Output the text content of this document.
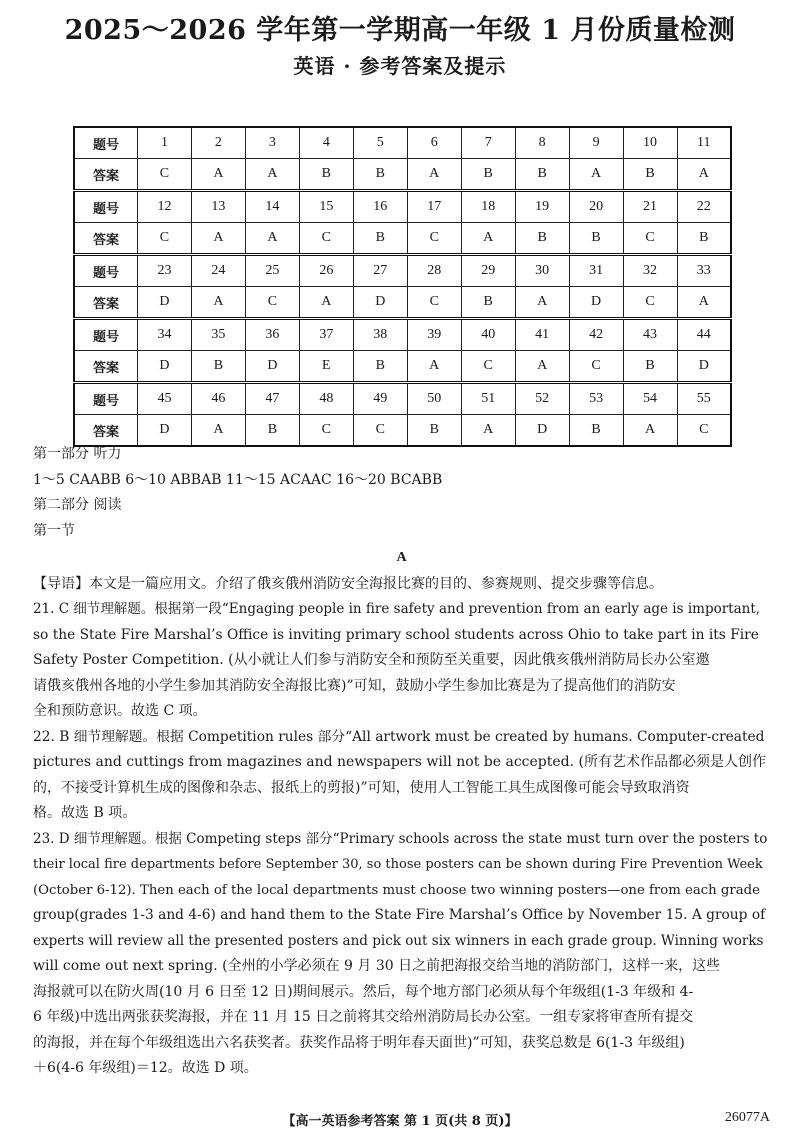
2025～2026 学年第一学期高一年级 1 月份质量检测
英语 · 参考答案及提示
题号	1	2	3	4	5	6	7	8	9	10	11
答案	C	A	A	B	B	A	B	B	A	B	A
题号	12	13	14	15	16	17	18	19	20	21	22
答案	C	A	A	C	B	C	A	B	B	C	B
题号	23	24	25	26	27	28	29	30	31	32	33
答案	D	A	C	A	D	C	B	A	D	C	A
题号	34	35	36	37	38	39	40	41	42	43	44
答案	D	B	D	E	B	A	C	A	C	B	D
题号	45	46	47	48	49	50	51	52	53	54	55
答案	D	A	B	C	C	B	A	D	B	A	C
第一部分 听力
1～5 CAABB 6～10 ABBAB 11～15 ACAAC 16～20 BCABB
第二部分 阅读
第一节
A
【导语】本文是一篇应用文。介绍了俄亥俄州消防安全海报比赛的目的、参赛规则、提交步骤等信息。
21. C 细节理解题。根据第一段“Engaging people in fire safety and prevention from an early age is important,
so the State Fire Marshal’s Office is inviting primary school students across Ohio to take part in its Fire
Safety Poster Competition. (从小就让人们参与消防安全和预防至关重要，因此俄亥俄州消防局长办公室邀
请俄亥俄州各地的小学生参加其消防安全海报比赛)”可知，鼓励小学生参加比赛是为了提高他们的消防安
全和预防意识。故选 C 项。
22. B 细节理解题。根据 Competition rules 部分“All artwork must be created by humans. Computer-created
pictures and cuttings from magazines and newspapers will not be accepted. (所有艺术作品都必须是人创作
的，不接受计算机生成的图像和杂志、报纸上的剪报)”可知，使用人工智能工具生成图像可能会导致取消资
格。故选 B 项。
23. D 细节理解题。根据 Competing steps 部分“Primary schools across the state must turn over the posters to
their local fire departments before September 30, so those posters can be shown during Fire Prevention Week
(October 6-12). Then each of the local departments must choose two winning posters—one from each grade
group(grades 1-3 and 4-6) and hand them to the State Fire Marshal’s Office by November 15. A group of
experts will review all the presented posters and pick out six winners in each grade group. Winning works
will come out next spring. (全州的小学必须在 9 月 30 日之前把海报交给当地的消防部门，这样一来，这些
海报就可以在防火周(10 月 6 日至 12 日)期间展示。然后，每个地方部门必须从每个年级组(1-3 年级和 4-
6 年级)中选出两张获奖海报，并在 11 月 15 日之前将其交给州消防局长办公室。一组专家将审查所有提交
的海报，并在每个年级组选出六名获奖者。获奖作品将于明年春天面世)”可知，获奖总数是 6(1-3 年级组)
＋6(4-6 年级组)＝12。故选 D 项。
【高一英语参考答案 第 1 页(共 8 页)】	26077A
